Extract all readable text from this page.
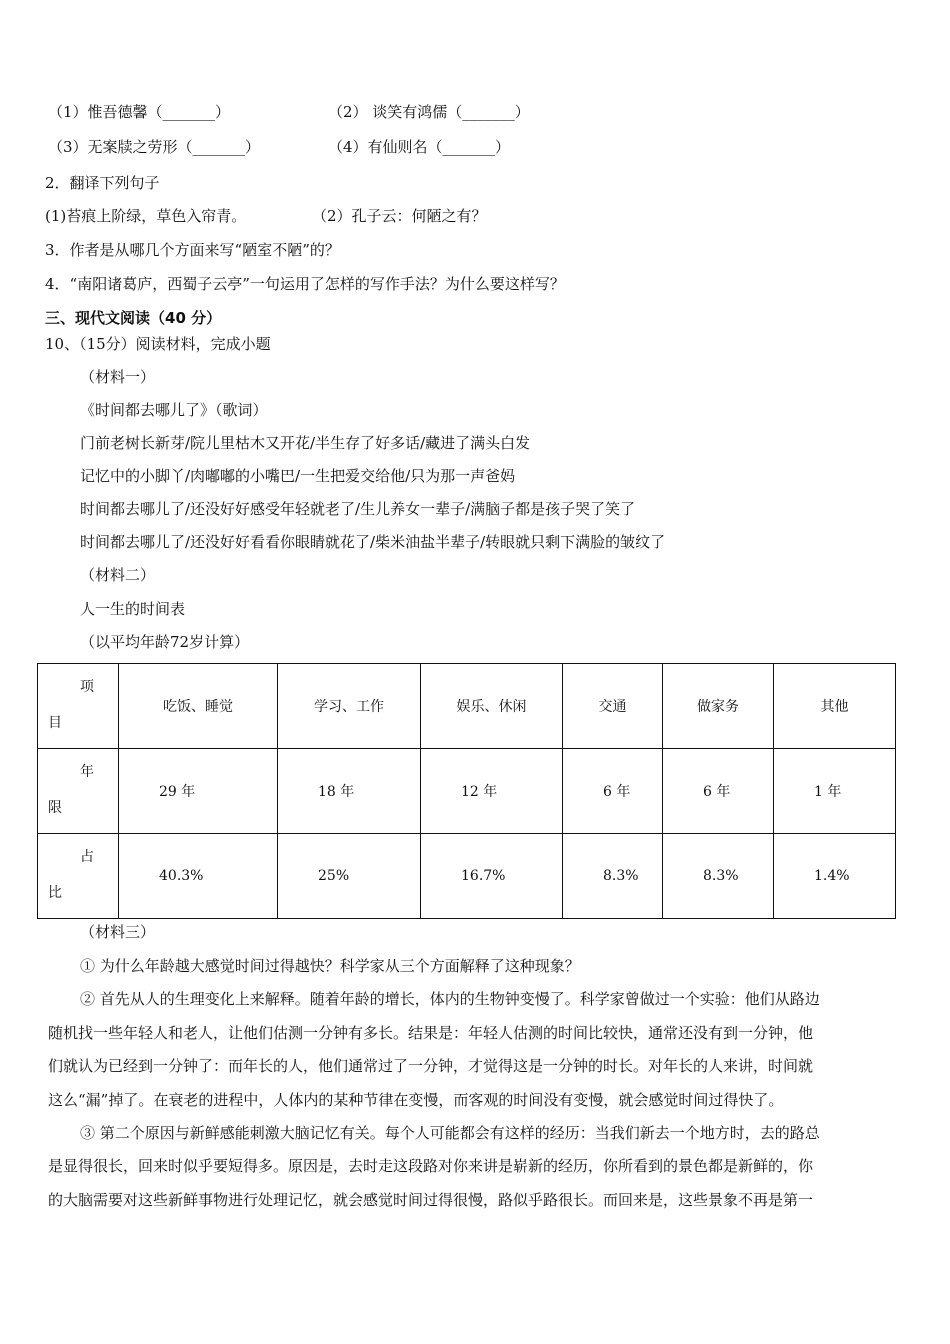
（1）惟吾德馨（_______）	（2） 谈笑有鸿儒（_______）
（3）无案牍之劳形（_______）	（4）有仙则名（_______）
2．翻译下列句子
(1)苔痕上阶绿，草色入帘青。	（2）孔子云：何陋之有？
3．作者是从哪几个方面来写“陋室不陋”的？
4．“南阳诸葛庐，西蜀子云亭”一句运用了怎样的写作手法？为什么要这样写？
三、现代文阅读（40 分）
10、（15分）阅读材料，完成小题
（材料一）
《时间都去哪儿了》（歌词）
门前老树长新芽/院儿里枯木又开花/半生存了好多话/藏进了满头白发
记忆中的小脚丫/肉嘟嘟的小嘴巴/一生把爱交给他/只为那一声爸妈
时间都去哪儿了/还没好好感受年轻就老了/生儿养女一辈子/满脑子都是孩子哭了笑了
时间都去哪儿了/还没好好看看你眼睛就花了/柴米油盐半辈子/转眼就只剩下满脸的皱纹了
（材料二）
人一生的时间表
（以平均年龄72岁计算）
项
目	吃饭、睡觉	学习、工作	娱乐、休闲	交通	做家务	其他

年
限	29 年	18 年	12 年	6 年	6 年	1 年

占
比	40.3%	25%	16.7%	8.3%	8.3%	1.4%
（材料三）
① 为什么年龄越大感觉时间过得越快？科学家从三个方面解释了这种现象？
② 首先从人的生理变化上来解释。随着年龄的增长，体内的生物钟变慢了。科学家曾做过一个实验：他们从路边
随机找一些年轻人和老人，让他们估测一分钟有多长。结果是：年轻人估测的时间比较快，通常还没有到一分钟，他
们就认为已经到一分钟了：而年长的人，他们通常过了一分钟，才觉得这是一分钟的时长。对年长的人来讲，时间就
这么“漏”掉了。在衰老的进程中，人体内的某种节律在变慢，而客观的时间没有变慢，就会感觉时间过得快了。
③ 第二个原因与新鲜感能刺激大脑记忆有关。每个人可能都会有这样的经历：当我们新去一个地方时，去的路总
是显得很长，回来时似乎要短得多。原因是，去时走这段路对你来讲是崭新的经历，你所看到的景色都是新鲜的，你
的大脑需要对这些新鲜事物进行处理记忆，就会感觉时间过得很慢，路似乎路很长。而回来是，这些景象不再是第一
